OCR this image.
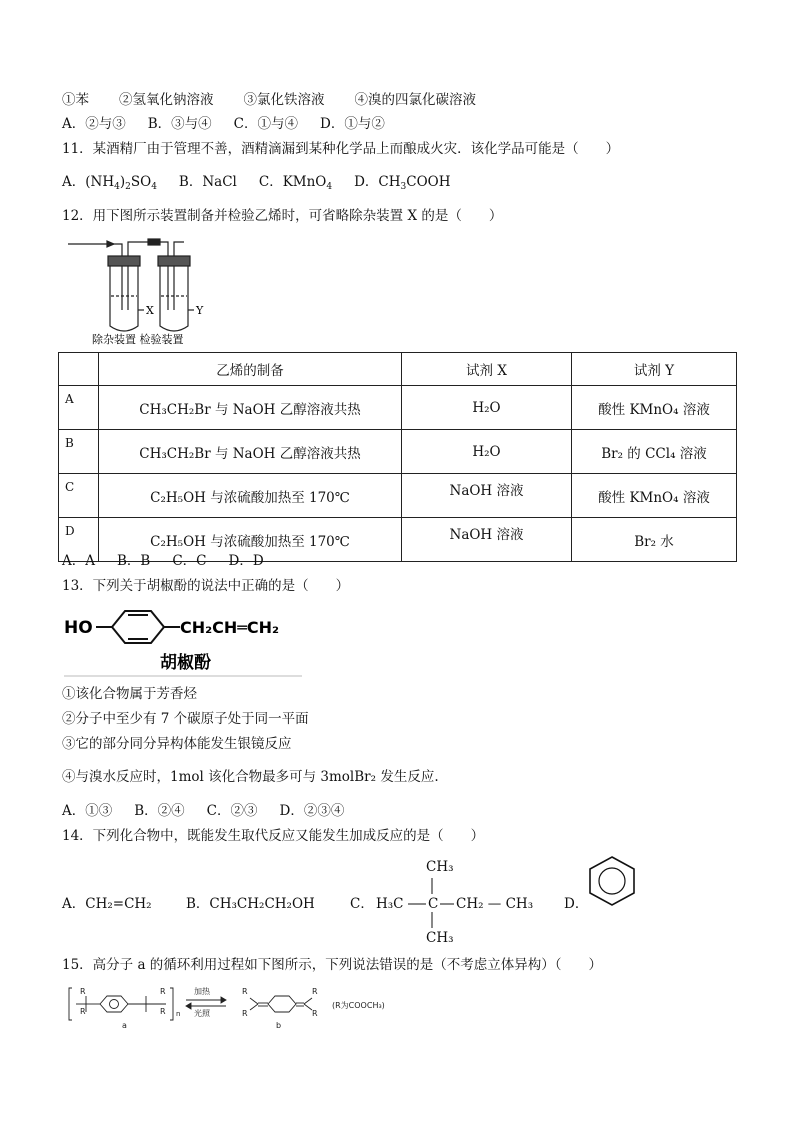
①苯 ②氢氧化钠溶液 ③氯化铁溶液 ④溴的四氯化碳溶液
A．②与③ B．③与④ C．①与④ D．①与②
11．某酒精厂由于管理不善，酒精滴漏到某种化学品上而酿成火灾．该化学品可能是（　　）
A．$(NH_4)_2SO_4$ B．NaCl C．KMnO$_4$ D．$CH_3COOH$
12．用下图所示装置制备并检验乙烯时，可省略除杂装置 X 的是（　　）
X	Y
除杂装置 检验装置
	乙烯的制备	试剂 X	试剂 Y
A	CH₃CH₂Br 与 NaOH 乙醇溶液共热	H₂O	酸性 KMnO₄ 溶液
B	CH₃CH₂Br 与 NaOH 乙醇溶液共热	H₂O	Br₂ 的 CCl₄ 溶液
C	C₂H₅OH 与浓硫酸加热至 170℃	NaOH 溶液	酸性 KMnO₄ 溶液
D	C₂H₅OH 与浓硫酸加热至 170℃	NaOH 溶液	Br₂ 水
A．A B．B C．C D．D
13．下列关于胡椒酚的说法中正确的是（　　）
HO	CH₂CH═CH₂
胡椒酚
①该化合物属于芳香烃
②分子中至少有 7 个碳原子处于同一平面
③它的部分同分异构体能发生银镜反应
④与溴水反应时，1mol 该化合物最多可与 3molBr₂ 发生反应.
A．①③ B．②④ C．②③ D．②③④
14．下列化合物中，既能发生取代反应又能发生加成反应的是（　　）
A．CH₂=CH₂	B．CH₃CH₂CH₂OH	C．
CH₃
CH₃
H₃C C CH₂ — CH₃ D．
15．高分子 a 的循环利用过程如下图所示，下列说法错误的是（不考虑立体异构）（　　）
R
R
R
R n
a
加热
光照
R
R
R
R
b
(R为COOCH₃)
